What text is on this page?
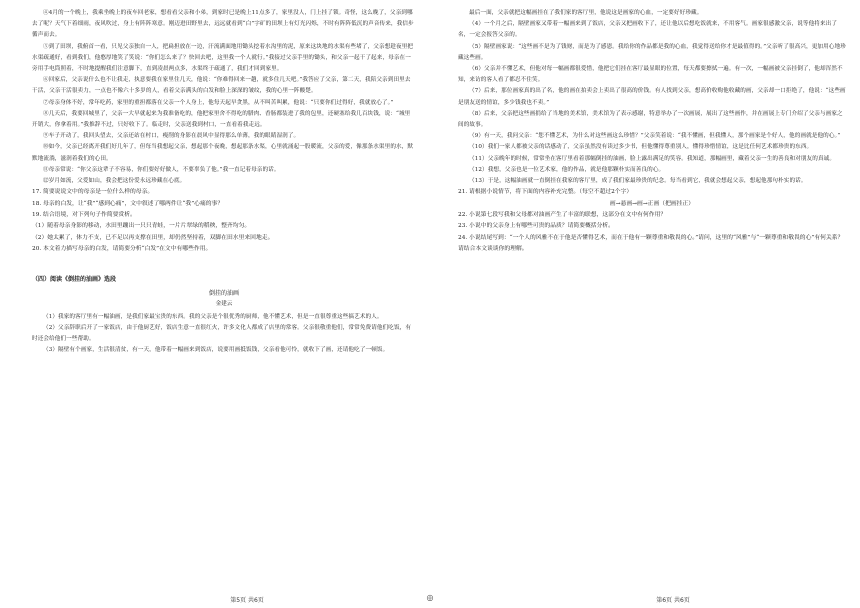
④4月的一个晚上，我乘坐晚上的夜车回老家，想看看父亲和小弟，到家时已是晚上11点多了，家里没人，门上挂了锁。奇怪，这么晚了，父亲到哪去了呢？天气下着细雨，夜风吹过，身上有阵阵寒意。刚迈进田野里去，远远就看到“白”字矿的田坝上有灯光闪烁，不时有阵阵低沉的声音传来，我信步循声而去。

⑤到了田坝，我俯首一看，只见父亲独自一人，把扁担放在一边，汗流满面地用锄头挖着水沟里的泥，原来这块地的水渠有些堵了，父亲想趁夜里把水渠疏通好，看到我们，他憨厚地笑了笑说：“你们怎么来了？快回去吧，这里我一个人就行。”我接过父亲手里的锄头，和父亲一起干了起来，母亲在一旁用手电筒照着，不时地提醒我们注意脚下，直到凌晨两点多，水渠终于疏通了，我们才回到家里。

⑥回家后，父亲说什么也不让我走，执意要我在家里住几天，他说：“你难得回来一趟，就多住几天吧。”我答应了父亲，第二天，我陪父亲到田里去干活，父亲干活很卖力，一点也不像六十多岁的人，看着父亲满头的白发和脸上深深的皱纹，我的心里一阵酸楚。

⑦母亲身体不好，常年吃药，家里的重担都落在父亲一个人身上，他每天起早贪黑，从不叫苦叫累，他说：“只要你们过得好，我就放心了。”

⑧几天后，我要回城里了，父亲一大早就起来为我准备吃的，他把家里舍不得吃的腊肉、香肠都装进了我的包里，还硬塞给我几百块钱，说：“城里开销大，你拿着用。”我推辞不过，只好收下了。临走时，父亲送我到村口，一直看着我走远。

⑨车子开动了，我回头望去，父亲还站在村口，瘦削的身影在晨风中显得那么单薄，我的眼睛湿润了。

⑩如今，父亲已经离开我们好几年了，但每当我想起父亲，想起那个夜晚，想起那条水渠，心里就涌起一股暖流，父亲的爱，像那条水渠里的水，默默地流淌，滋润着我们的心田。

⑪母亲常说：“你父亲这辈子不容易，你们要好好做人，不要辜负了他。”我一直记着母亲的话。

⑫岁月如流，父爱如山，我会把这份爱永远珍藏在心底。

17. 简要说说文中的母亲是一位什么样的母亲。

18. 母亲的白发，让“我”“感到心痛”，文中叙述了哪两件让“我”心痛的事？

19. 结合语境，对下列句子作简要赏析。

（1）随着母亲身影的移动，水田里蹦出一只只青蛙，一片片翠绿的稻秧，整齐均匀。

（2）她太累了，体力不支，已不足以再支撑在田里，却仍然坚持着，双脚在田水里来回地走。

20. 本文着力描写母亲的白发，请简要分析“白发”在文中有哪些作用。

（四）阅读《倒挂的油画》选段
倒挂的油画
金建云

（1）我家的客厅里有一幅油画，是我们家最宝贵的东西。我的父亲是个很优秀的厨师，他不懂艺术，但是一直很尊重这些搞艺术的人。

（2）父亲辞职后开了一家饭店，由于他厨艺好，饭店生意一直很红火，许多文化人都成了店里的常客。父亲很敬重他们，常常免费请他们吃饭，有时还会给他们一些帮助。

（3）隔壁有个画家，生活很清贫，有一天，他带着一幅画来到饭店，说要用画抵饭钱，父亲看他可怜，就收下了画，还请他吃了一顿饭。

第5页 共6页	◎

最后一面，父亲就把这幅画挂在了我们家的客厅里，他说这是画家的心血，一定要好好珍藏。

（4）一个月之后，隔壁画家又带着一幅画来到了饭店，父亲又把画收下了，还让他以后想吃饭就来，不用客气。画家很感激父亲，说等他将来出了名，一定会报答父亲的。

（5）隔壁画家说：“这些画不是为了钱财，而是为了感恩。我给你的作品都是我的心血，我觉得送给你才是最值得的。”父亲听了很高兴，更加用心地珍藏这些画。

（6）父亲并不懂艺术，但他对每一幅画都很爱惜，他把它们挂在客厅最显眼的位置，每天都要擦拭一遍。有一次，一幅画被父亲挂倒了，他却浑然不知，来访的客人看了都忍不住笑。

（7）后来，那位画家真的出了名，他的画在拍卖会上卖出了很高的价钱。有人找到父亲，想高价收购他收藏的画，父亲却一口拒绝了，他说：“这些画是朋友送的情谊，多少钱我也不卖。”

（8）后来，父亲把这些画捐给了当地的美术馆，美术馆为了表示感谢，特意举办了一次画展，展出了这些画作，并在画展上专门介绍了父亲与画家之间的故事。

（9）有一天，我问父亲：“您不懂艺术，为什么对这些画这么珍惜？”父亲笑着说：“我不懂画，但我懂人，那个画家是个好人，他的画就是他的心。”

（10）我们一家人都被父亲的话感动了，父亲虽然没有读过多少书，但他懂得尊重别人，懂得珍惜情谊，这是比任何艺术都珍贵的东西。

（11）父亲晚年的时候，常常坐在客厅里看着那幅倒挂的油画，脸上露出满足的笑容。我知道，那幅画里，藏着父亲一生的善良和对朋友的真诚。

（12）我想，父亲也是一位艺术家，他的作品，就是他那颗朴实而善良的心。

（13）于是，这幅油画就一直倒挂在我家的客厅里，成了我们家最珍贵的纪念。每当看到它，我就会想起父亲，想起他那句朴实的话。

21. 请根据小说情节，将下面的内容补充完整。（每空不超过2个字）

画→悬画→画→正画（把画挂正）

22. 小说第七段写我和父母都对油画产生了丰富的联想，这部分在文中有何作用？

23. 小说中的父亲身上有哪些可贵的品质？请简要概括分析。

24. 小说结尾写到：“一个人的风雅不在于他是否懂得艺术，而在于他有一颗尊重和敬畏的心。”请问，这里的“风雅”与“一颗尊重和敬畏的心”有何关系？请结合本文谈谈你的理解。

第6页 共6页
